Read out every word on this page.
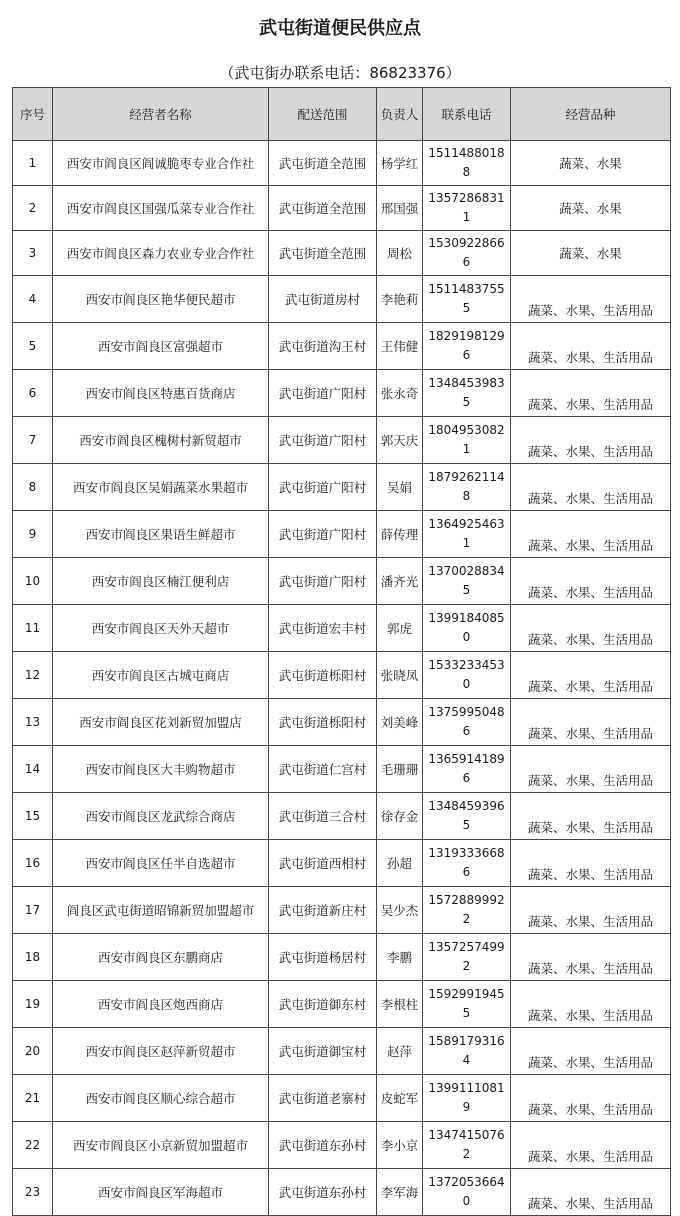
武屯街道便民供应点
（武屯街办联系电话：86823376）
序号	经营者名称	配送范围	负责人	联系电话	经营品种
1	西安市阎良区阎诚脆枣专业合作社	武屯街道全范围	杨学红	15114880188	蔬菜、水果
2	西安市阎良区国强瓜菜专业合作社	武屯街道全范围	邢国强	13572868311	蔬菜、水果
3	西安市阎良区森力农业专业合作社	武屯街道全范围	周松	15309228666	蔬菜、水果
4	西安市阎良区艳华便民超市	武屯街道房村	李艳莉	15114837555	蔬菜、水果、生活用品
5	西安市阎良区富强超市	武屯街道沟王村	王伟健	18291981296	蔬菜、水果、生活用品
6	西安市阎良区特惠百货商店	武屯街道广阳村	张永奇	13484539835	蔬菜、水果、生活用品
7	西安市阎良区槐树村新贸超市	武屯街道广阳村	郭天庆	18049530821	蔬菜、水果、生活用品
8	西安市阎良区吴娟蔬菜水果超市	武屯街道广阳村	吴娟	18792621148	蔬菜、水果、生活用品
9	西安市阎良区果语生鲜超市	武屯街道广阳村	薛传理	13649254631	蔬菜、水果、生活用品
10	西安市阎良区楠江便利店	武屯街道广阳村	潘齐光	13700288345	蔬菜、水果、生活用品
11	西安市阎良区天外天超市	武屯街道宏丰村	郭虎	13991840850	蔬菜、水果、生活用品
12	西安市阎良区古城屯商店	武屯街道栎阳村	张晓凤	15332334530	蔬菜、水果、生活用品
13	西安市阎良区花刘新贸加盟店	武屯街道栎阳村	刘美峰	13759950486	蔬菜、水果、生活用品
14	西安市阎良区大丰购物超市	武屯街道仁宫村	毛珊珊	13659141896	蔬菜、水果、生活用品
15	西安市阎良区龙武综合商店	武屯街道三合村	徐存金	13484593965	蔬菜、水果、生活用品
16	西安市阎良区任半自选超市	武屯街道西相村	孙超	13193336686	蔬菜、水果、生活用品
17	阎良区武屯街道昭锦新贸加盟超市	武屯街道新庄村	吴少杰	15728899922	蔬菜、水果、生活用品
18	西安市阎良区东鹏商店	武屯街道杨居村	李鹏	13572574992	蔬菜、水果、生活用品
19	西安市阎良区炮西商店	武屯街道御东村	李根柱	15929919455	蔬菜、水果、生活用品
20	西安市阎良区赵萍新贸超市	武屯街道御宝村	赵萍	15891793164	蔬菜、水果、生活用品
21	西安市阎良区顺心综合超市	武屯街道老寨村	皮蛇军	13991110819	蔬菜、水果、生活用品
22	西安市阎良区小京新贸加盟超市	武屯街道东孙村	李小京	13474150762	蔬菜、水果、生活用品
23	西安市阎良区军海超市	武屯街道东孙村	李军海	13720536640	蔬菜、水果、生活用品
